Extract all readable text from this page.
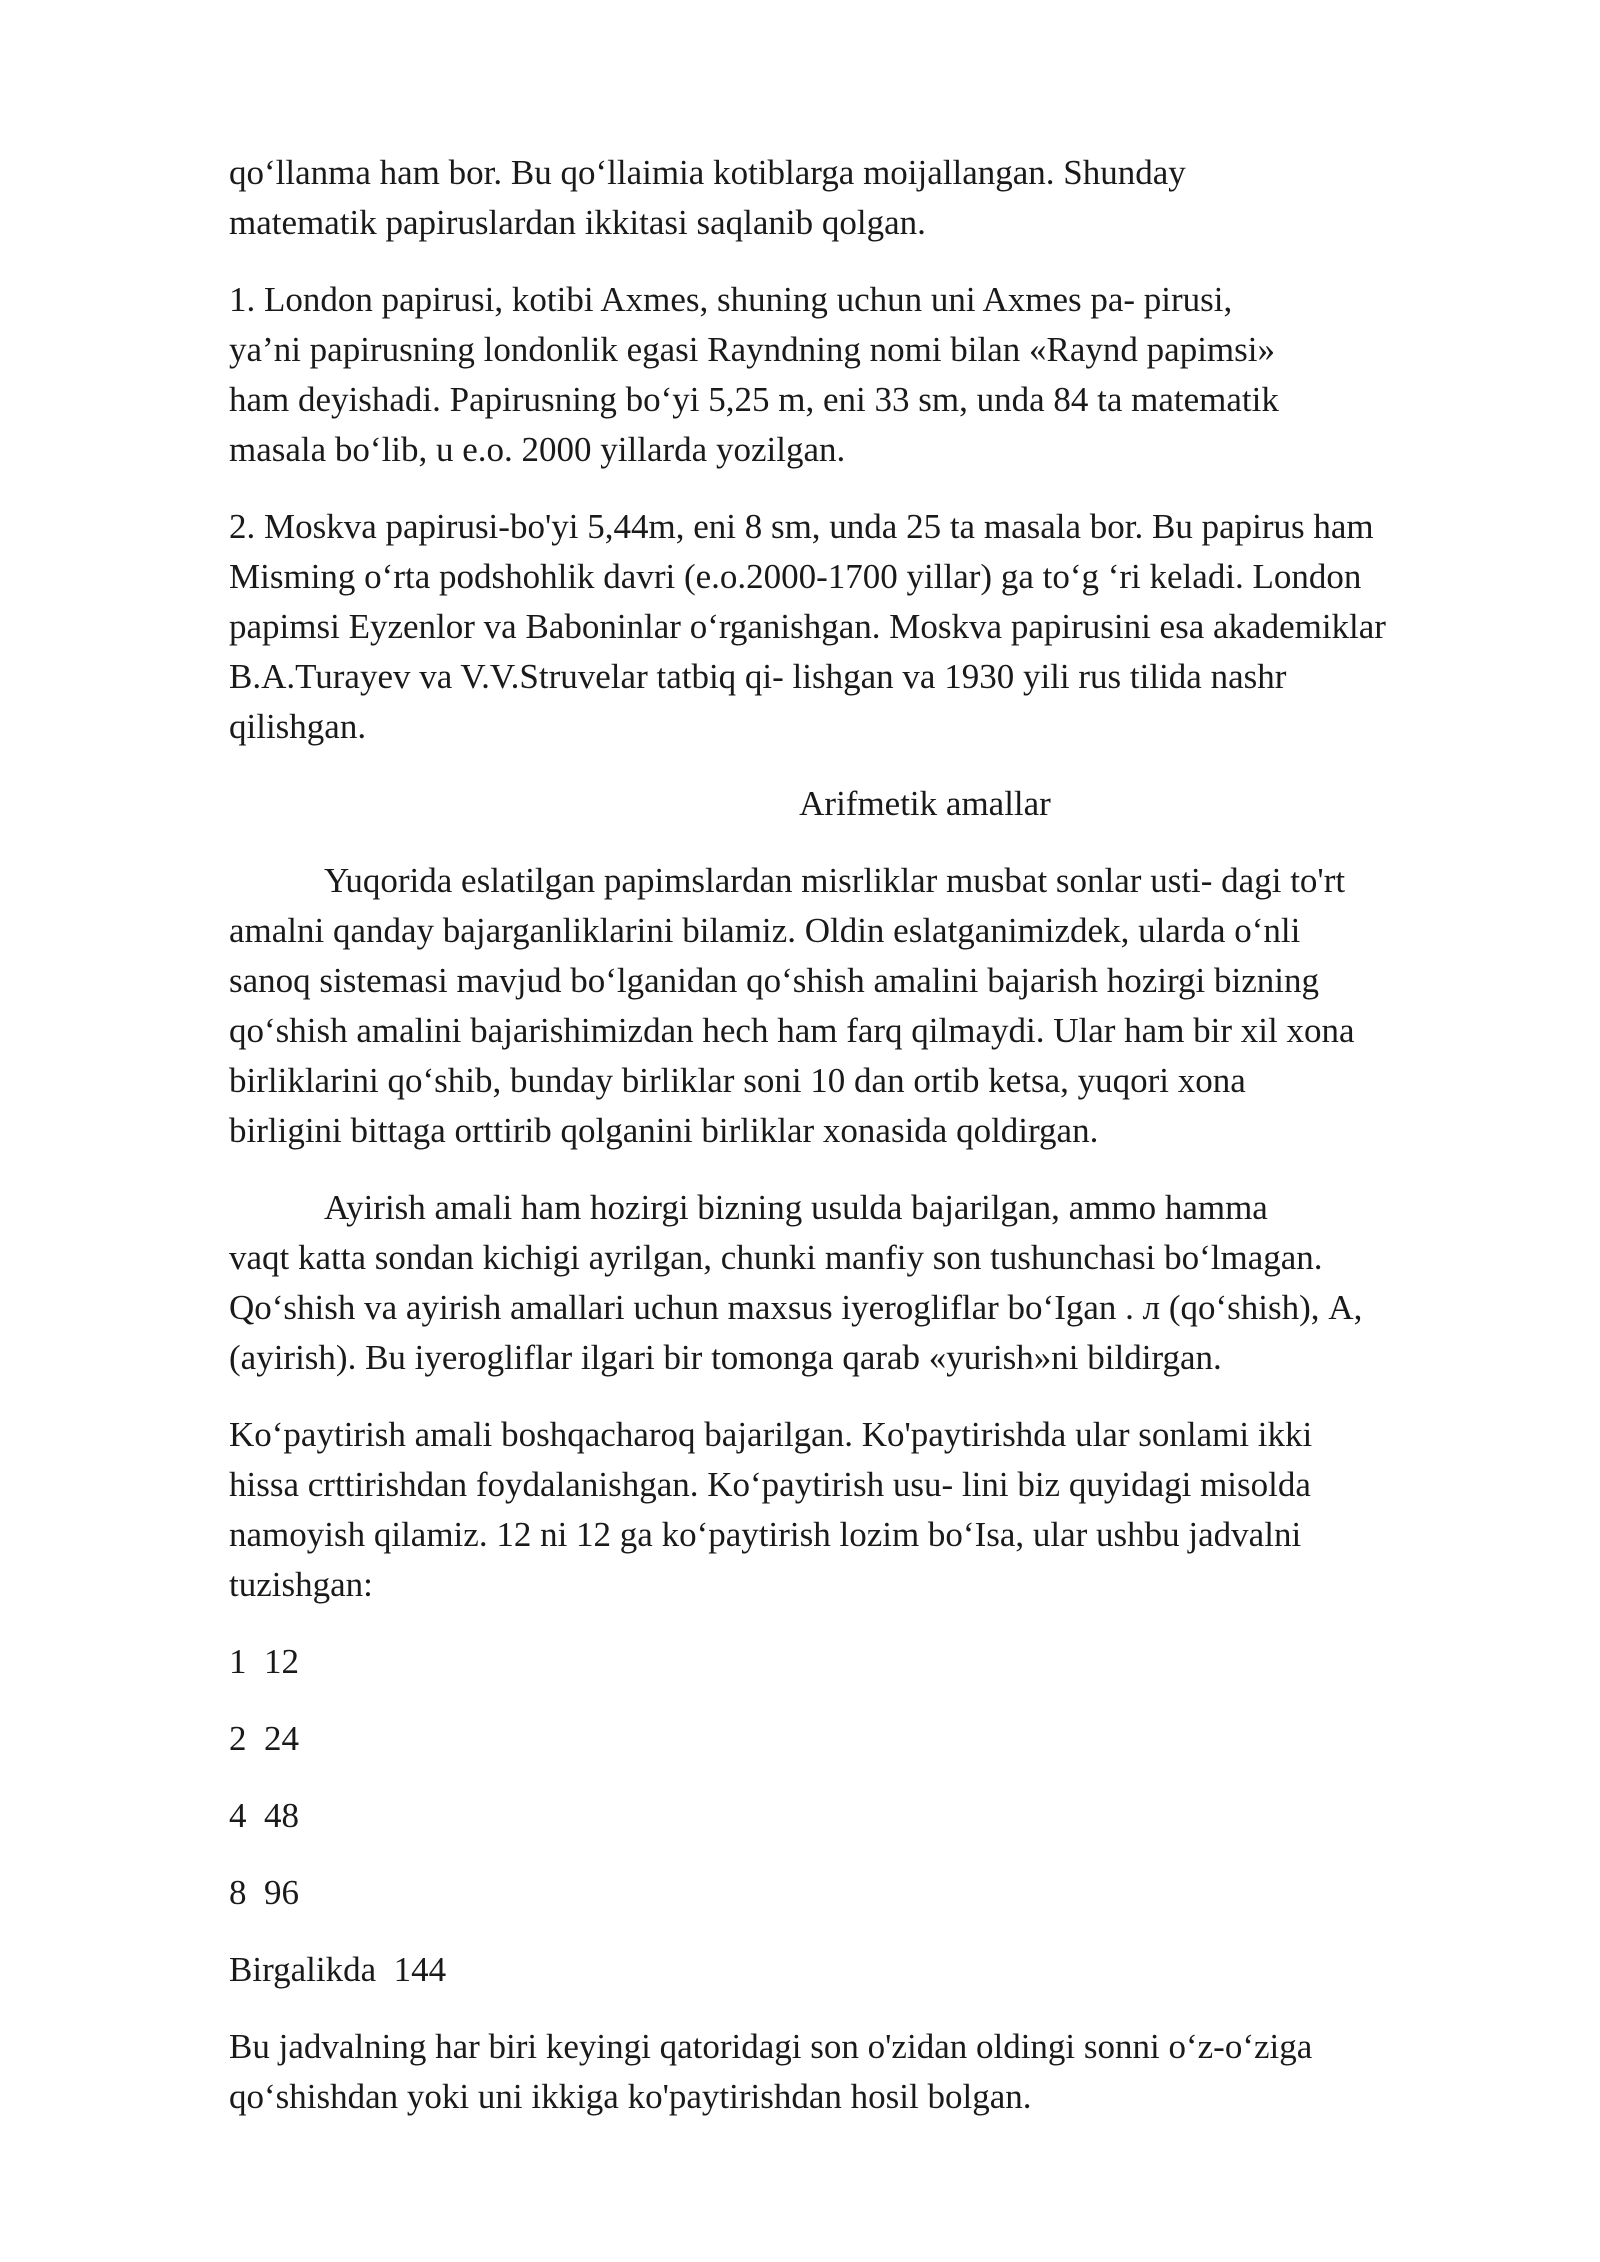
qo‘llanma ham bor. Bu qo‘llaimia kotiblarga moijallangan. Shunday
matematik papiruslardan ikkitasi saqlanib qolgan.
1. London papirusi, kotibi Axmes, shuning uchun uni Axmes pa- pirusi,
ya’ni papirusning londonlik egasi Rayndning nomi bilan «Raynd papimsi»
ham deyishadi. Papirusning bo‘yi 5,25 m, eni 33 sm, unda 84 ta matematik
masala bo‘lib, u e.o. 2000 yillarda yozilgan.
2. Moskva papirusi-bo'yi 5,44m, eni 8 sm, unda 25 ta masala bor. Bu papirus ham
Misming o‘rta podshohlik davri (e.o.2000-1700 yillar) ga to‘g ‘ri keladi. London
papimsi Eyzenlor va Baboninlar o‘rganishgan. Moskva papirusini esa akademiklar
B.A.Turayev va V.V.Struvelar tatbiq qi- lishgan va 1930 yili rus tilida nashr
qilishgan.
Arifmetik amallar
Yuqorida eslatilgan papimslardan misrliklar musbat sonlar usti- dagi to'rt
amalni qanday bajarganliklarini bilamiz. Oldin eslatganimizdek, ularda o‘nli
sanoq sistemasi mavjud bo‘lganidan qo‘shish amalini bajarish hozirgi bizning
qo‘shish amalini bajarishimizdan hech ham farq qilmaydi. Ular ham bir xil xona
birliklarini qo‘shib, bunday birliklar soni 10 dan ortib ketsa, yuqori xona
birligini bittaga orttirib qolganini birliklar xonasida qoldirgan.
Ayirish amali ham hozirgi bizning usulda bajarilgan, ammo hamma
vaqt katta sondan kichigi ayrilgan, chunki manfiy son tushunchasi bo‘lmagan.
Qo‘shish va ayirish amallari uchun maxsus iyerogliflar bo‘Igan . л (qo‘shish), A,
(ayirish). Bu iyerogliflar ilgari bir tomonga qarab «yurish»ni bildirgan.
Ko‘paytirish amali boshqacharoq bajarilgan. Ko'paytirishda ular sonlami ikki
hissa crttirishdan foydalanishgan. Ko‘paytirish usu- lini biz quyidagi misolda
namoyish qilamiz. 12 ni 12 ga ko‘paytirish lozim bo‘Isa, ular ushbu jadvalni
tuzishgan:
1  12
2  24
4  48
8  96
Birgalikda  144
Bu jadvalning har biri keyingi qatoridagi son o'zidan oldingi sonni o‘z-o‘ziga
qo‘shishdan yoki uni ikkiga ko'paytirishdan hosil bolgan.
